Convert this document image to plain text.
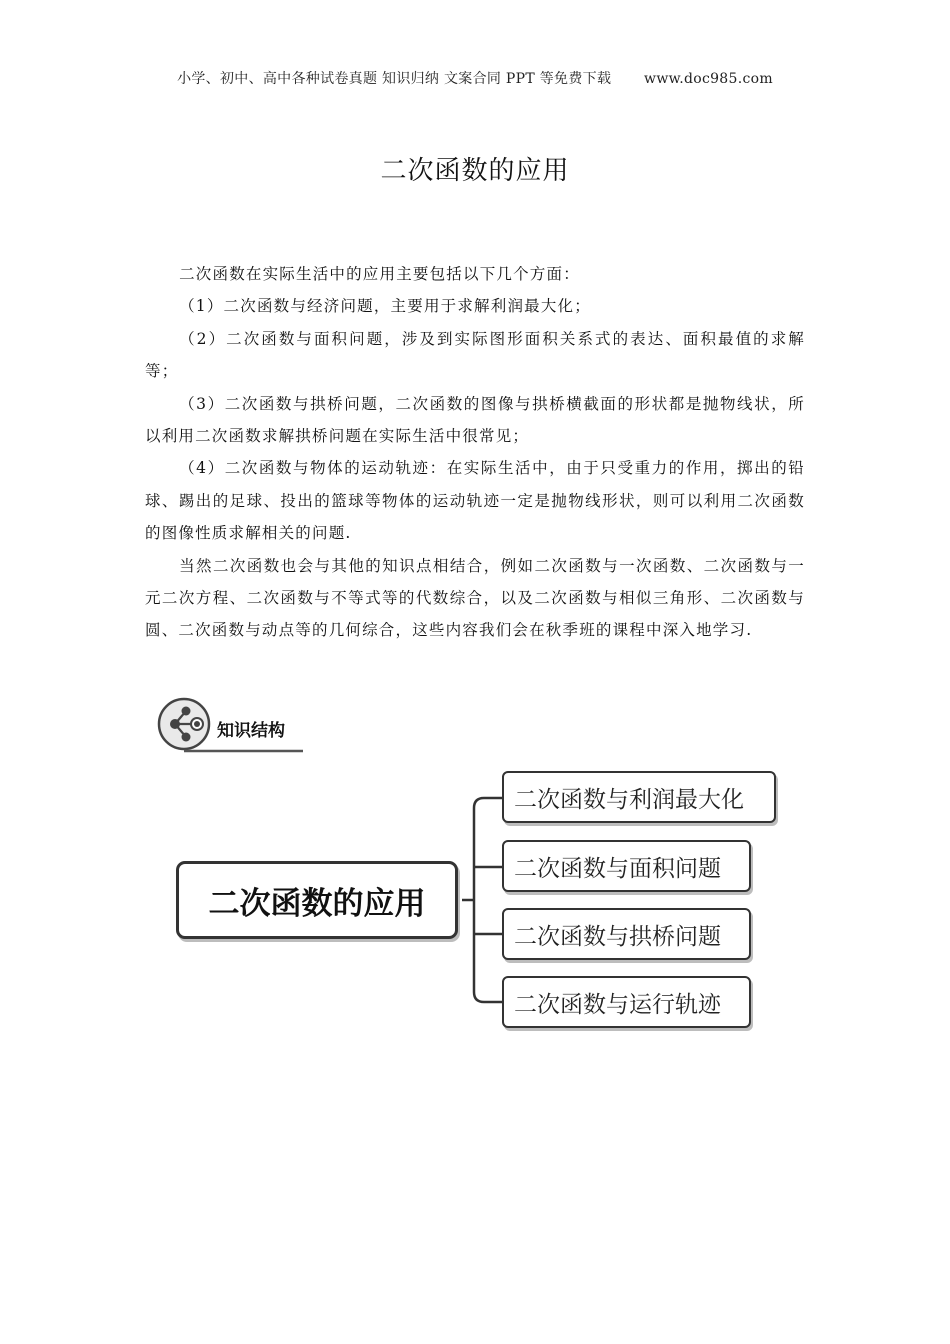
小学、初中、高中各种试卷真题 知识归纳 文案合同 PPT 等免费下载 www.doc985.com
二次函数的应用

二次函数在实际生活中的应用主要包括以下几个方面：

（1）二次函数与经济问题，主要用于求解利润最大化；

（2）二次函数与面积问题，涉及到实际图形面积关系式的表达、面积最值的求解等；

（3）二次函数与拱桥问题，二次函数的图像与拱桥横截面的形状都是抛物线状，所以利用二次函数求解拱桥问题在实际生活中很常见；

（4）二次函数与物体的运动轨迹：在实际生活中，由于只受重力的作用，掷出的铅球、踢出的足球、投出的篮球等物体的运动轨迹一定是抛物线形状，则可以利用二次函数的图像性质求解相关的问题.

当然二次函数也会与其他的知识点相结合，例如二次函数与一次函数、二次函数与一元二次方程、二次函数与不等式等的代数综合，以及二次函数与相似三角形、二次函数与圆、二次函数与动点等的几何综合，这些内容我们会在秋季班的课程中深入地学习.

知识结构
二次函数的应用
二次函数与利润最大化
二次函数与面积问题
二次函数与拱桥问题
二次函数与运行轨迹
